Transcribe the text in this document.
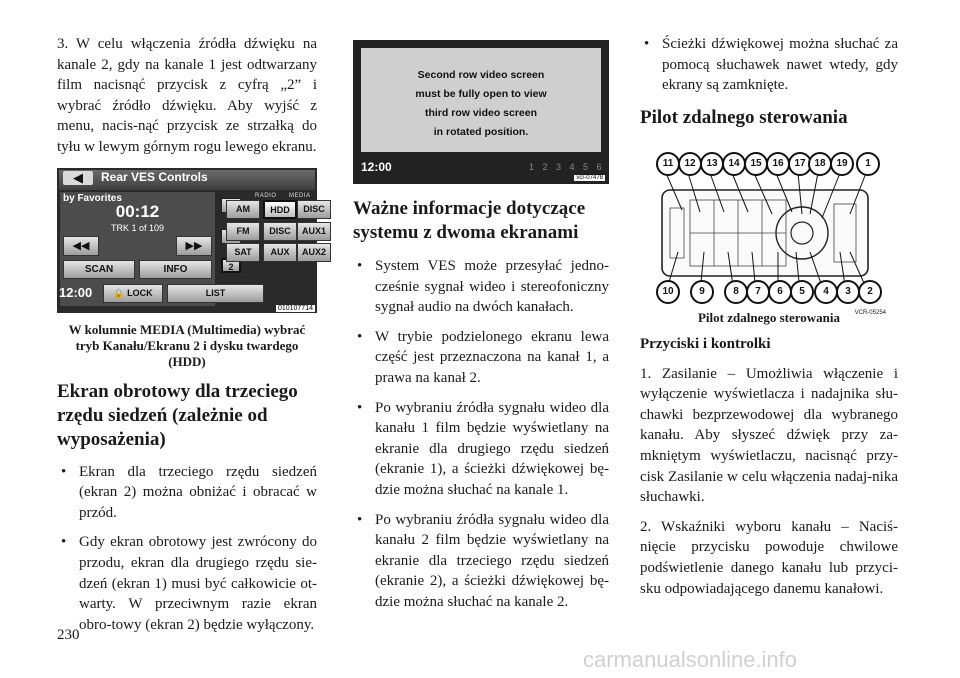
3. W celu włączenia źródła dźwięku na kanale 2, gdy na kanale 1 jest odtwarzany film nacisnąć przycisk z cyfrą „2” i wybrać źródło dźwięku. Aby wyjść z menu, nacis-nąć przycisk ze strzałką do tyłu w lewym górnym rogu lewego ekranu.

◀	Rear VES Controls
by Favorites
00:12
TRK 1 of 109
◀◀	▶▶
SCAN	INFO	2
RADIO MEDIA
AM	HDD	DISC
FM	DISC	AUX1
SAT	AUX	AUX2
12:00	🔒 LOCK	LIST
010107714
W kolumnie MEDIA (Multimedia) wybrać tryb Kanału/Ekranu 2 i dysku twardego (HDD)
Ekran obrotowy dla trzeciego rzędu siedzeń (zależnie od wyposażenia)
• Ekran dla trzeciego rzędu siedzeń (ekran 2) można obniżać i obracać w przód.
• Gdy ekran obrotowy jest zwrócony do przodu, ekran dla drugiego rzędu sie-dzeń (ekran 1) musi być całkowicie ot-warty. W przeciwnym razie ekran obro-towy (ekran 2) będzie wyłączony.
Second row video screen
must be fully open to view
third row video screen
in rotated position.
12:00	1 2 3 4 5 6
vcr-07478
Ważne informacje dotyczące systemu z dwoma ekranami
• System VES może przesyłać jedno-cześnie sygnał wideo i stereofoniczny sygnał audio na dwóch kanałach.
• W trybie podzielonego ekranu lewa część jest przeznaczona na kanał 1, a prawa na kanał 2.
• Po wybraniu źródła sygnału wideo dla kanału 1 film będzie wyświetlany na ekranie dla drugiego rzędu siedzeń (ekranie 1), a ścieżki dźwiękowej bę-dzie można słuchać na kanale 1.
• Po wybraniu źródła sygnału wideo dla kanału 2 film będzie wyświetlany na ekranie dla trzeciego rzędu siedzeń (ekranie 2), a ścieżki dźwiękowej bę-dzie można słuchać na kanale 2.
• Ścieżki dźwiękowej można słuchać za pomocą słuchawek nawet wtedy, gdy ekrany są zamknięte.
Pilot zdalnego sterowania
11	12	13	14	15	16	17 18	19	1
10	9	8	7	6	5	4	3	2
VCR-05254
Pilot zdalnego sterowania

Przyciski i kontrolki

1. Zasilanie – Umożliwia włączenie i wyłączenie wyświetlacza i nadajnika słu-chawki bezprzewodowej dla wybranego kanału. Aby słyszeć dźwięk przy za-mkniętym wyświetlaczu, nacisnąć przy-cisk Zasilanie w celu włączenia nadaj-nika słuchawki.

2. Wskaźniki wyboru kanału – Naciś-nięcie przycisku powoduje chwilowe podświetlenie danego kanału lub przyci-sku odpowiadającego danemu kanałowi.

230
carmanualsonline.info
